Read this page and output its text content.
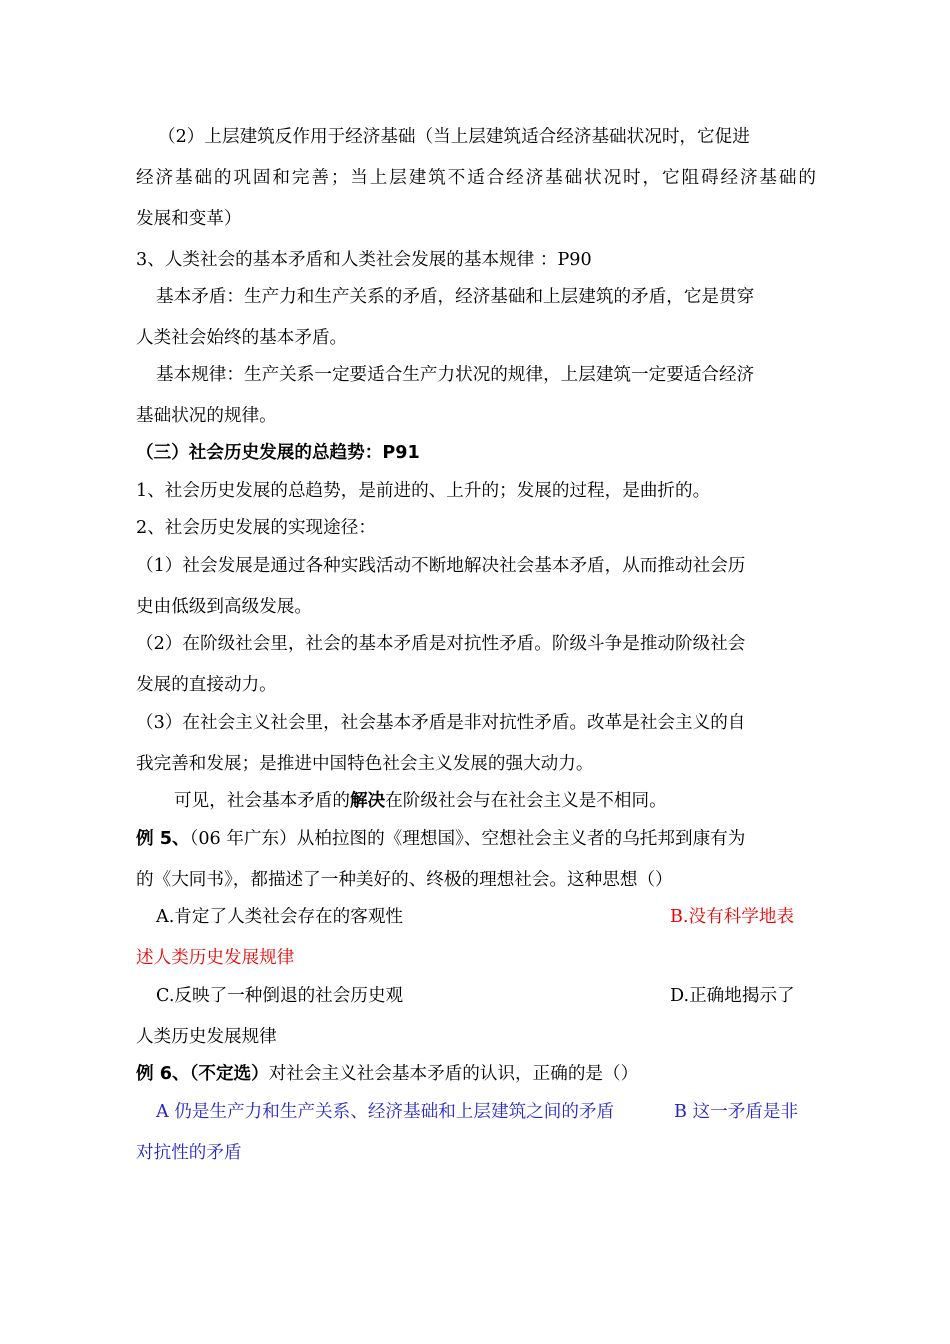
（2）上层建筑反作用于经济基础（当上层建筑适合经济基础状况时，它促进
经济基础的巩固和完善；当上层建筑不适合经济基础状况时，它阻碍经济基础的
发展和变革）
3、人类社会的基本矛盾和人类社会发展的基本规律 ：P90
基本矛盾：生产力和生产关系的矛盾，经济基础和上层建筑的矛盾，它是贯穿
人类社会始终的基本矛盾。
基本规律：生产关系一定要适合生产力状况的规律，上层建筑一定要适合经济
基础状况的规律。
（三）社会历史发展的总趋势：P91
1、社会历史发展的总趋势，是前进的、上升的；发展的过程，是曲折的。
2、社会历史发展的实现途径：
（1）社会发展是通过各种实践活动不断地解决社会基本矛盾，从而推动社会历
史由低级到高级发展。
（2）在阶级社会里，社会的基本矛盾是对抗性矛盾。阶级斗争是推动阶级社会
发展的直接动力。
（3）在社会主义社会里，社会基本矛盾是非对抗性矛盾。改革是社会主义的自
我完善和发展；是推进中国特色社会主义发展的强大动力。
可见，社会基本矛盾的解决在阶级社会与在社会主义是不相同。
例 5、（06 年广东）从柏拉图的《理想国》、空想社会主义者的乌托邦到康有为
的《大同书》，都描述了一种美好的、终极的理想社会。这种思想（）
A.肯定了人类社会存在的客观性	B.没有科学地表
述人类历史发展规律
C.反映了一种倒退的社会历史观	D.正确地揭示了
人类历史发展规律
例 6、（不定选）对社会主义社会基本矛盾的认识，正确的是（）
A 仍是生产力和生产关系、经济基础和上层建筑之间的矛盾	B 这一矛盾是非
对抗性的矛盾
